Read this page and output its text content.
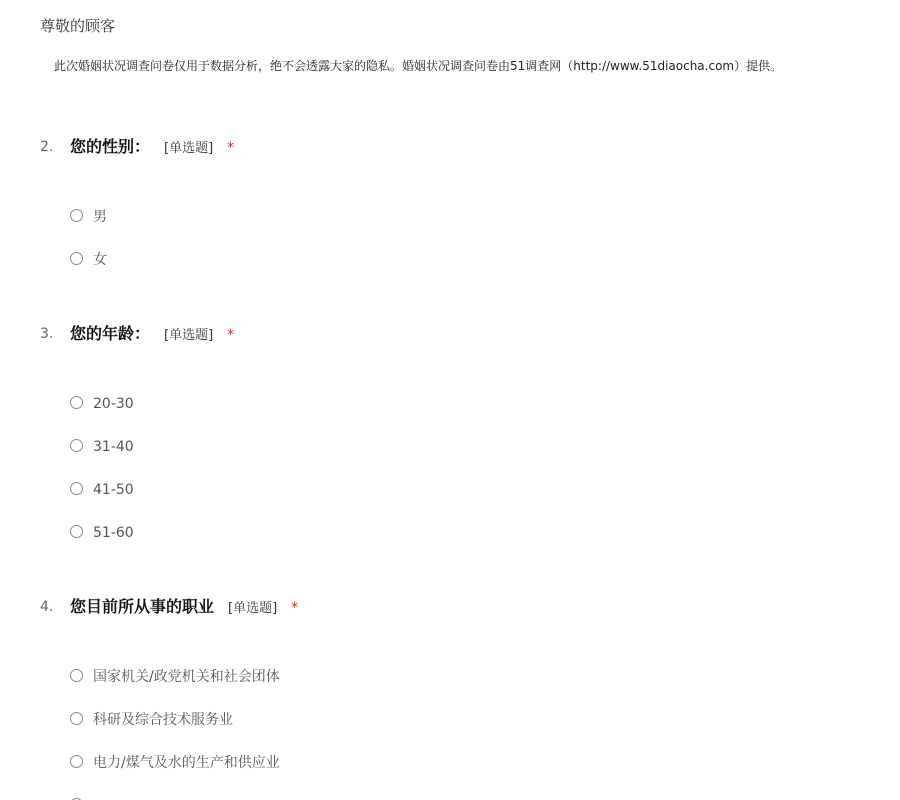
尊敬的顾客
此次婚姻状况调查问卷仅用于数据分析，绝不会透露大家的隐私。婚姻状况调查问卷由51调查网（http://www.51diaocha.com）提供。
2. 您的性别： [单选题] *
男
女
3. 您的年龄： [单选题] *
20-30
31-40
41-50
51-60
4. 您目前所从事的职业 [单选题] *
国家机关/政党机关和社会团体
科研及综合技术服务业
电力/煤气及水的生产和供应业
